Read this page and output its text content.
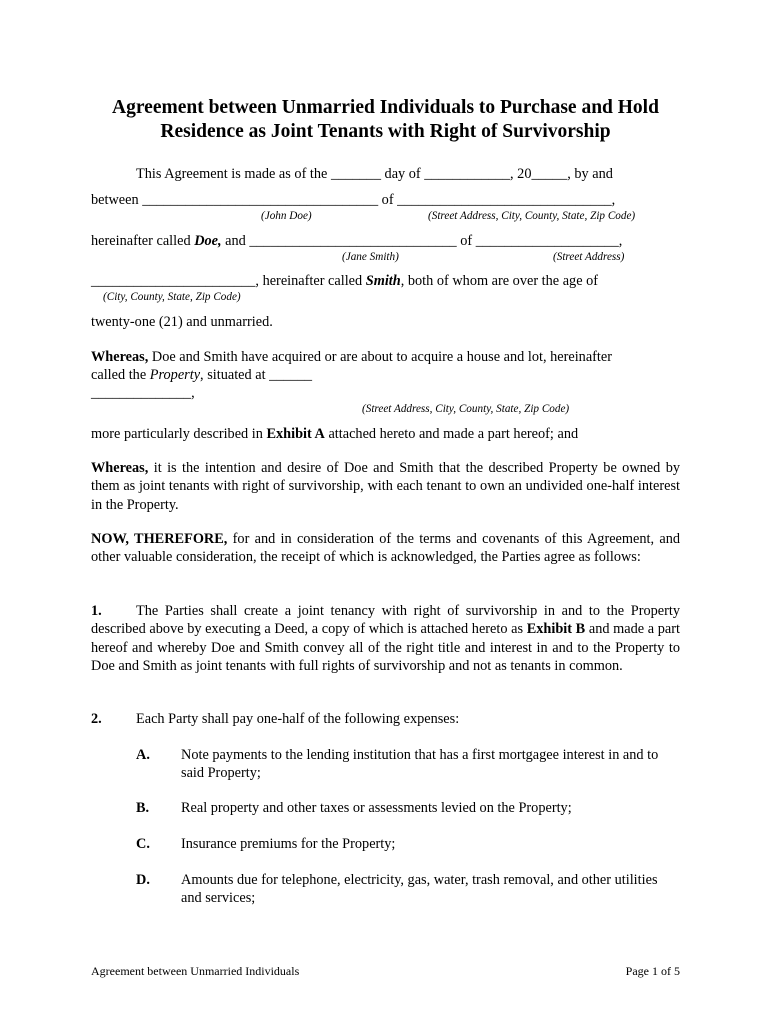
Agreement between Unmarried Individuals to Purchase and Hold
Residence as Joint Tenants with Right of Survivorship
This Agreement is made as of the _______ day of ____________, 20_____, by and
between _________________________________ of ______________________________,
(John Doe)	(Street Address, City, County, State, Zip Code)
hereinafter called Doe, and _____________________________ of ____________________,
(Jane Smith)	(Street Address)
_______________________, hereinafter called Smith, both of whom are over the age of
(City, County, State, Zip Code)
twenty-one (21) and unmarried.
Whereas, Doe and Smith have acquired or are about to acquire a house and lot, hereinafter
called the Property, situated at ______
______________,
(Street Address, City, County, State, Zip Code)
more particularly described in Exhibit A attached hereto and made a part hereof; and
Whereas, it is the intention and desire of Doe and Smith that the described Property be owned by them as joint tenants with right of survivorship, with each tenant to own an undivided one-half interest in the Property.
NOW, THEREFORE, for and in consideration of the terms and covenants of this Agreement, and other valuable consideration, the receipt of which is acknowledged, the Parties agree as follows:
1. The Parties shall create a joint tenancy with right of survivorship in and to the Property described above by executing a Deed, a copy of which is attached hereto as Exhibit B and made a part hereof and whereby Doe and Smith convey all of the right title and interest in and to the Property to Doe and Smith as joint tenants with full rights of survivorship and not as tenants in common.
2. Each Party shall pay one-half of the following expenses:
A. Note payments to the lending institution that has a first mortgagee interest in and to said Property;
B. Real property and other taxes or assessments levied on the Property;
C. Insurance premiums for the Property;
D. Amounts due for telephone, electricity, gas, water, trash removal, and other utilities and services;
Agreement between Unmarried Individuals	Page 1 of 5
